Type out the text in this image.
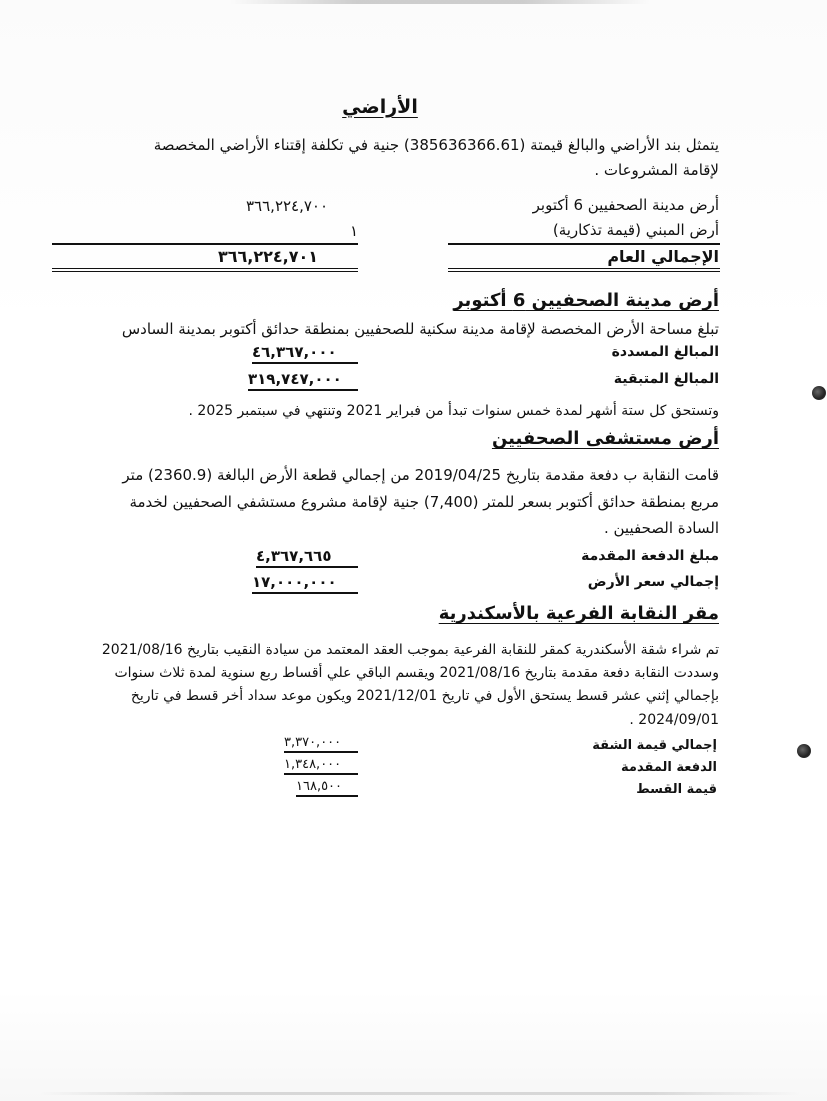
الأراضي
يتمثل بند الأراضي والبالغ قيمتة (385636366.61) جنية في تكلفة إقتناء الأراضي المخصصة
لإقامة المشروعات .
أرض مدينة الصحفيين 6 أكتوبر
٣٦٦,٢٢٤,٧٠٠
أرض المبني (قيمة تذكارية)
١
الإجمالي العام
٣٦٦,٢٢٤,٧٠١
أرض مدينة الصحفيين 6 أكتوبر
تبلغ مساحة الأرض المخصصة لإقامة مدينة سكنية للصحفيين بمنطقة حدائق أكتوبر بمدينة السادس
المبالغ المسددة
٤٦,٣٦٧,٠٠٠
المبالغ المتبقية
٣١٩,٧٤٧,٠٠٠
وتستحق كل ستة أشهر لمدة خمس سنوات تبدأ من فبراير 2021 وتنتهي في سبتمبر 2025 .
أرض مستشفى الصحفيين
قامت النقابة ب دفعة مقدمة بتاريخ 2019/04/25 من إجمالي قطعة الأرض البالغة (2360.9) متر
مربع بمنطقة حدائق أكتوبر بسعر للمتر (7,400) جنية لإقامة مشروع مستشفي الصحفيين لخدمة
السادة الصحفيين .
مبلغ الدفعة المقدمة
٤,٣٦٧,٦٦٥
إجمالي سعر الأرض
١٧,٠٠٠,٠٠٠
مقر النقابة الفرعية بالأسكندرية
تم شراء شقة الأسكندرية كمقر للنقابة الفرعية بموجب العقد المعتمد من سيادة النقيب بتاريخ 2021/08/16
وسددت النقابة دفعة مقدمة بتاريخ 2021/08/16 ويقسم الباقي علي أقساط ربع سنوية لمدة ثلاث سنوات
بإجمالي إثني عشر قسط يستحق الأول في تاريخ 2021/12/01 ويكون موعد سداد أخر قسط في تاريخ
2024/09/01 .
إجمالي قيمة الشقة
٣,٣٧٠,٠٠٠
الدفعة المقدمة
١,٣٤٨,٠٠٠
قيمة القسط
١٦٨,٥٠٠
